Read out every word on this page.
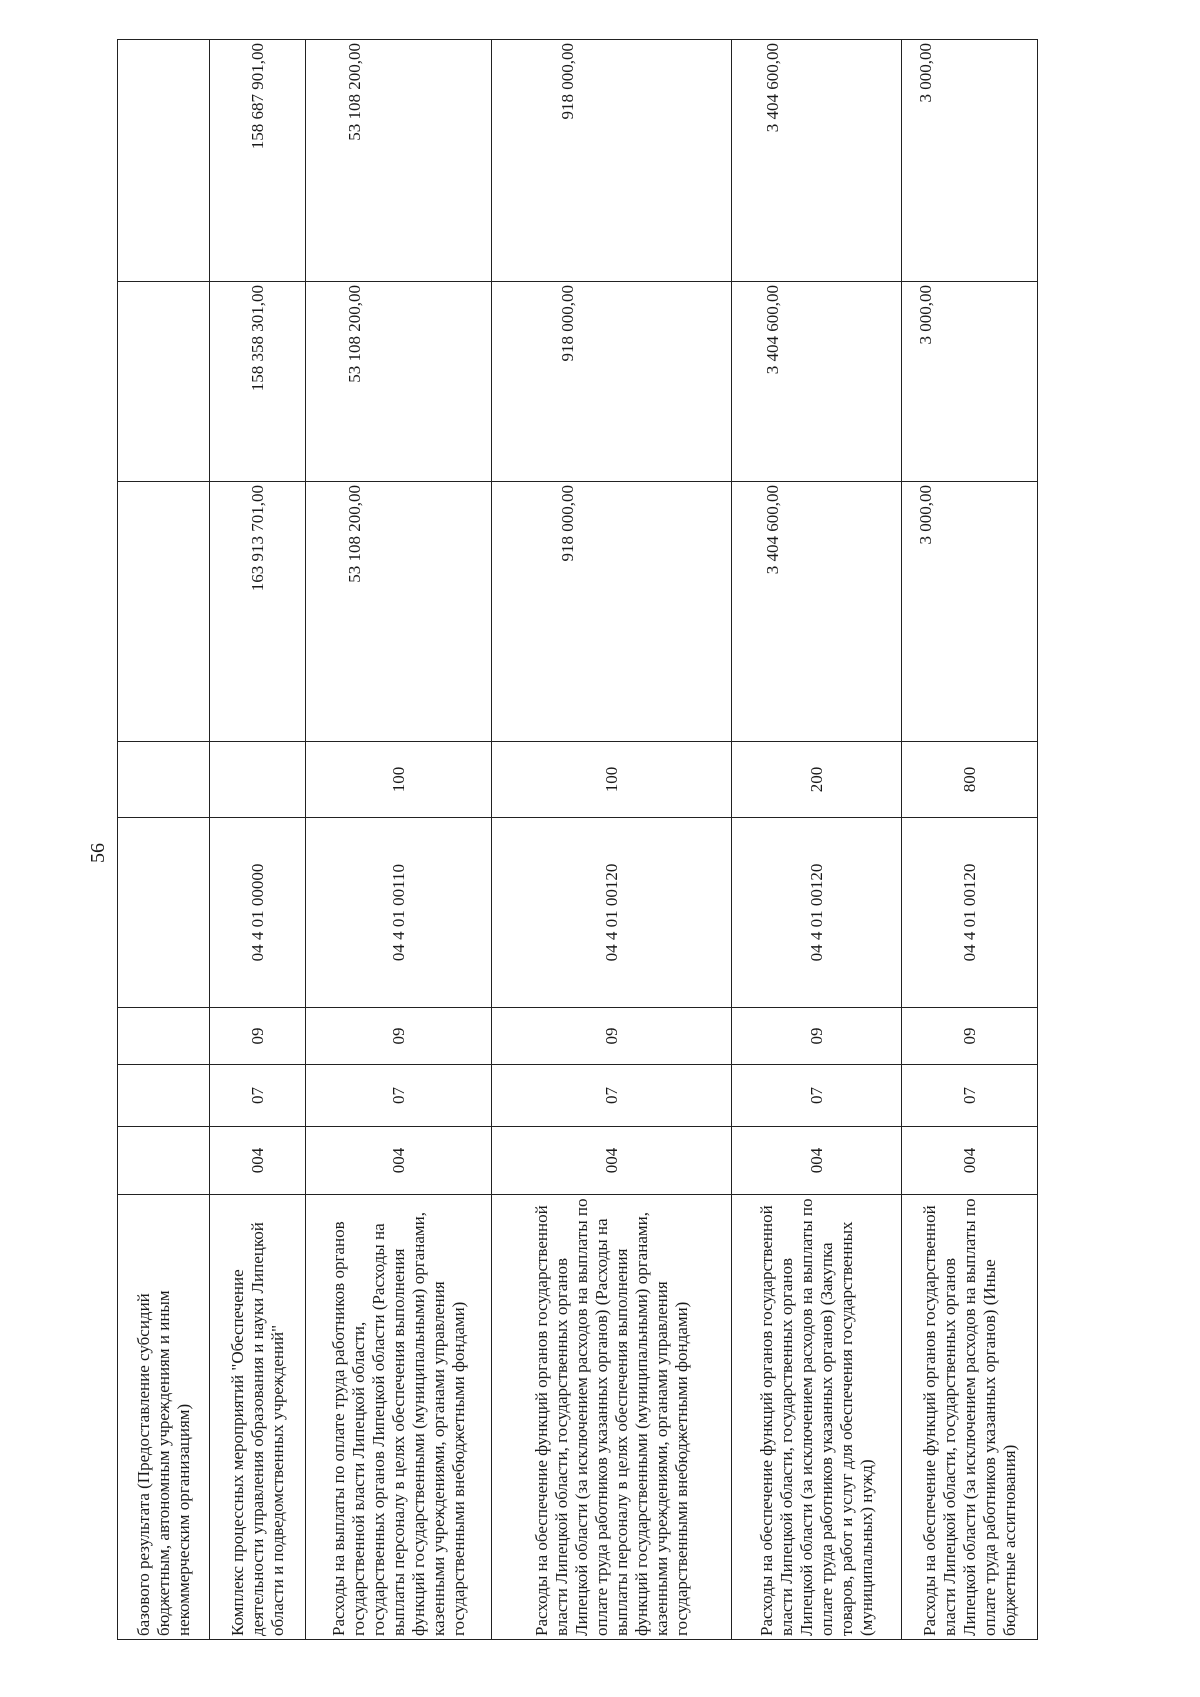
56
базового результата (Предоставление субсидий бюджетным, автономным учреждениям и иным некоммерческим организациям)								
Комплекс процессных мероприятий "Обеспечение деятельности управления образования и науки Липецкой области и подведомственных учреждений"	004	07	09	04 4 01 00000		163 913 701,00	158 358 301,00	158 687 901,00
Расходы на выплаты по оплате труда работников органов государственной власти Липецкой области, государственных органов Липецкой области (Расходы на выплаты персоналу в целях обеспечения выполнения функций государственными (муниципальными) органами, казенными учреждениями, органами управления государственными внебюджетными фондами)	004	07	09	04 4 01 00110	100	53 108 200,00	53 108 200,00	53 108 200,00
Расходы на обеспечение функций органов государственной власти Липецкой области, государственных органов Липецкой области (за исключением расходов на выплаты по оплате труда работников указанных органов) (Расходы на выплаты персоналу в целях обеспечения выполнения функций государственными (муниципальными) органами, казенными учреждениями, органами управления государственными внебюджетными фондами)	004	07	09	04 4 01 00120	100	918 000,00	918 000,00	918 000,00
Расходы на обеспечение функций органов государственной власти Липецкой области, государственных органов Липецкой области (за исключением расходов на выплаты по оплате труда работников указанных органов) (Закупка товаров, работ и услуг для обеспечения государственных (муниципальных) нужд)	004	07	09	04 4 01 00120	200	3 404 600,00	3 404 600,00	3 404 600,00
Расходы на обеспечение функций органов государственной власти Липецкой области, государственных органов Липецкой области (за исключением расходов на выплаты по оплате труда работников указанных органов) (Иные бюджетные ассигнования)	004	07	09	04 4 01 00120	800	3 000,00	3 000,00	3 000,00
